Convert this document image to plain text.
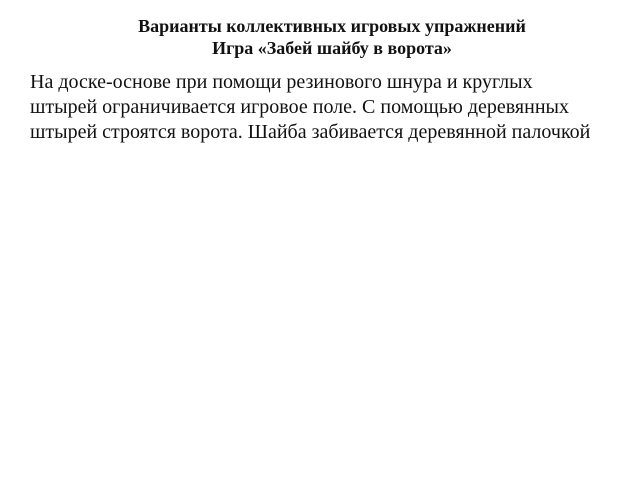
Варианты коллективных игровых упражнений
Игра «Забей шайбу в ворота»
На доске-основе при помощи резинового шнура и круглых
штырей ограничивается игровое поле. С помощью деревянных
штырей строятся ворота. Шайба забивается деревянной палочкой
